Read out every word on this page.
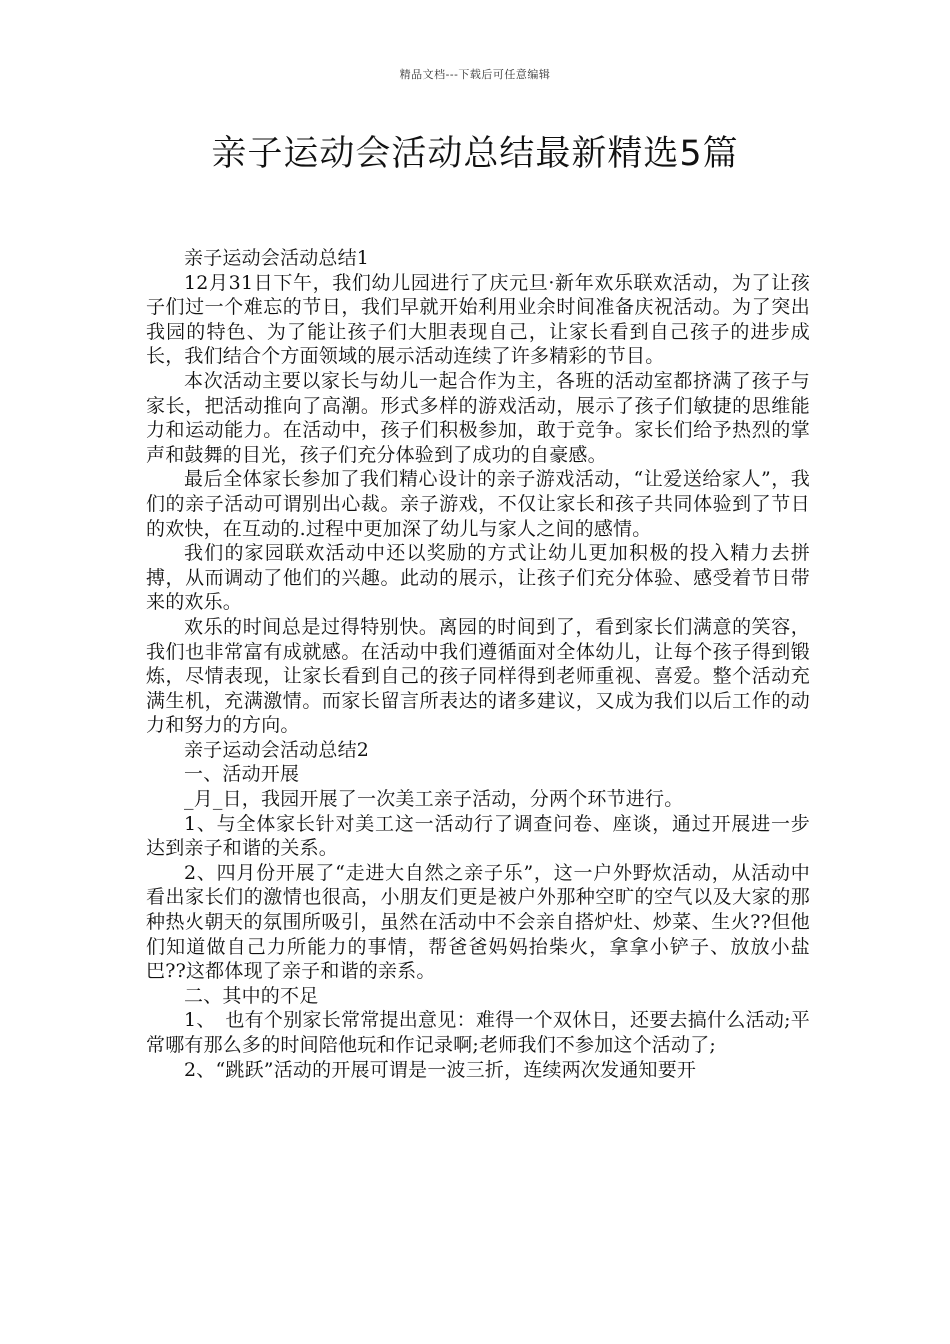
精品文档---下载后可任意编辑
亲子运动会活动总结最新精选5篇

亲子运动会活动总结1

12月31日下午，我们幼儿园进行了庆元旦·新年欢乐联欢活动，为了让孩子们过一个难忘的节日，我们早就开始利用业余时间准备庆祝活动。为了突出我园的特色、为了能让孩子们大胆表现自己，让家长看到自己孩子的进步成长，我们结合个方面领域的展示活动连续了许多精彩的节目。

本次活动主要以家长与幼儿一起合作为主，各班的活动室都挤满了孩子与家长，把活动推向了高潮。形式多样的游戏活动，展示了孩子们敏捷的思维能力和运动能力。在活动中，孩子们积极参加，敢于竞争。家长们给予热烈的掌声和鼓舞的目光，孩子们充分体验到了成功的自豪感。

最后全体家长参加了我们精心设计的亲子游戏活动，“让爱送给家人”，我们的亲子活动可谓别出心裁。亲子游戏，不仅让家长和孩子共同体验到了节日的欢快，在互动的.过程中更加深了幼儿与家人之间的感情。

我们的家园联欢活动中还以奖励的方式让幼儿更加积极的投入精力去拼搏，从而调动了他们的兴趣。此动的展示，让孩子们充分体验、感受着节日带来的欢乐。

欢乐的时间总是过得特别快。离园的时间到了，看到家长们满意的笑容，我们也非常富有成就感。在活动中我们遵循面对全体幼儿，让每个孩子得到锻炼，尽情表现，让家长看到自己的孩子同样得到老师重视、喜爱。整个活动充满生机，充满激情。而家长留言所表达的诸多建议，又成为我们以后工作的动力和努力的方向。

亲子运动会活动总结2

一、活动开展

_月_日，我园开展了一次美工亲子活动，分两个环节进行。

1、与全体家长针对美工这一活动行了调查问卷、座谈，通过开展进一步达到亲子和谐的关系。

2、四月份开展了“走进大自然之亲子乐”，这一户外野炊活动，从活动中看出家长们的激情也很高，小朋友们更是被户外那种空旷的空气以及大家的那种热火朝天的氛围所吸引，虽然在活动中不会亲自搭炉灶、炒菜、生火??但他们知道做自己力所能力的事情，帮爸爸妈妈抬柴火，拿拿小铲子、放放小盐巴??这都体现了亲子和谐的亲系。

二、其中的不足

1、　也有个别家长常常提出意见：难得一个双休日，还要去搞什么活动;平常哪有那么多的时间陪他玩和作记录啊;老师我们不参加这个活动了;

2、“跳跃”活动的开展可谓是一波三折，连续两次发通知要开
